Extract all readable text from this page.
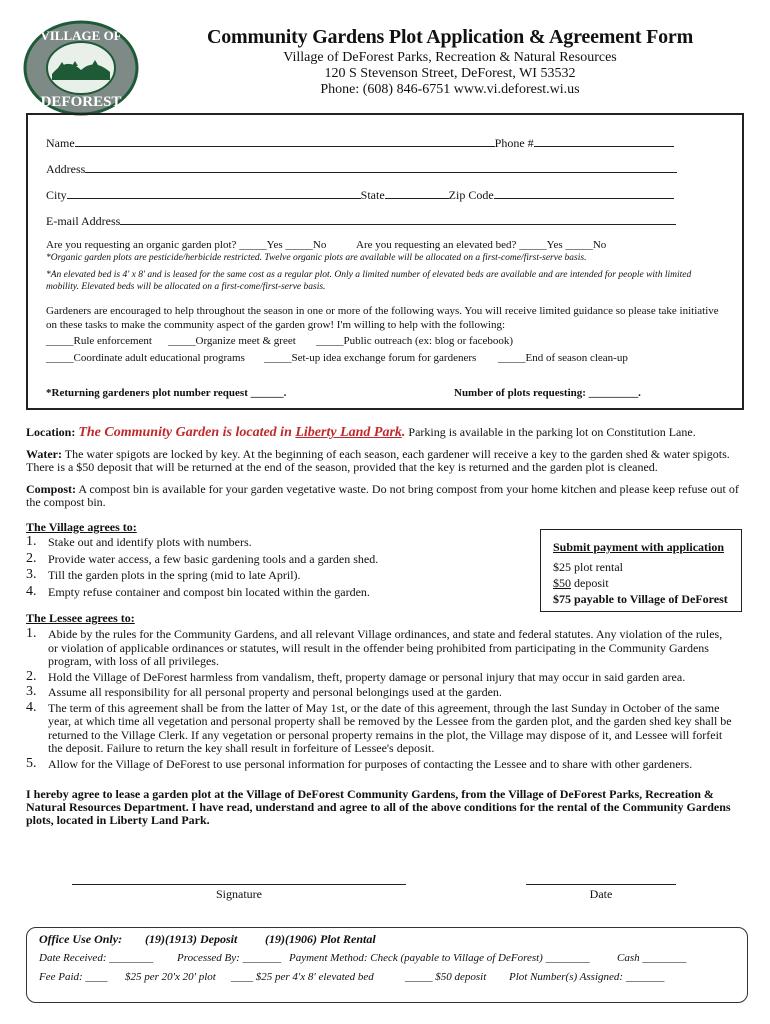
VILLAGE OF
DEFOREST
Community Gardens Plot Application & Agreement Form
Village of DeForest Parks, Recreation & Natural Resources
120 S Stevenson Street, DeForest, WI 53532
Phone: (608) 846-6751 www.vi.deforest.wi.us
Name	Phone #
Address
City	State	Zip Code
E-mail Address
Are you requesting an organic garden plot? _____Yes _____No	Are you requesting an elevated bed? _____Yes _____No
*Organic garden plots are pesticide/herbicide restricted. Twelve organic plots are available will be allocated on a first-come/first-serve basis.
*An elevated bed is 4' x 8' and is leased for the same cost as a regular plot. Only a limited number of elevated beds are available and are intended for people with limited mobility. Elevated beds will be allocated on a first-come/first-serve basis.
Gardeners are encouraged to help throughout the season in one or more of the following ways. You will receive limited guidance so please take initiative on these tasks to make the community aspect of the garden grow! I'm willing to help with the following:
_____Rule enforcement _____Organize meet & greet _____Public outreach (ex: blog or facebook)
_____Coordinate adult educational programs _____Set-up idea exchange forum for gardeners _____End of season clean-up
*Returning gardeners plot number request ______.	Number of plots requesting: _________.
Location: The Community Garden is located in Liberty Land Park. Parking is available in the parking lot on Constitution Lane.
Water: The water spigots are locked by key. At the beginning of each season, each gardener will receive a key to the garden shed & water spigots. There is a $50 deposit that will be returned at the end of the season, provided that the key is returned and the garden plot is cleaned.
Compost: A compost bin is available for your garden vegetative waste. Do not bring compost from your home kitchen and please keep refuse out of the compost bin.
The Village agrees to:
1. Stake out and identify plots with numbers.
2. Provide water access, a few basic gardening tools and a garden shed.
3. Till the garden plots in the spring (mid to late April).
4. Empty refuse container and compost bin located within the garden.
Submit payment with application
$25 plot rental
$50 deposit
$75 payable to Village of DeForest
The Lessee agrees to:
1. Abide by the rules for the Community Gardens, and all relevant Village ordinances, and state and federal statutes. Any violation of the rules, or violation of applicable ordinances or statutes, will result in the offender being prohibited from participating in the Community Gardens program, with loss of all privileges.
2. Hold the Village of DeForest harmless from vandalism, theft, property damage or personal injury that may occur in said garden area.
3. Assume all responsibility for all personal property and personal belongings used at the garden.
4. The term of this agreement shall be from the latter of May 1st, or the date of this agreement, through the last Sunday in October of the same year, at which time all vegetation and personal property shall be removed by the Lessee from the garden plot, and the garden shed key shall be returned to the Village Clerk. If any vegetation or personal property remains in the plot, the Village may dispose of it, and Lessee will forfeit the deposit. Failure to return the key shall result in forfeiture of Lessee's deposit.
5. Allow for the Village of DeForest to use personal information for purposes of contacting the Lessee and to share with other gardeners.
I hereby agree to lease a garden plot at the Village of DeForest Community Gardens, from the Village of DeForest Parks, Recreation & Natural Resources Department. I have read, understand and agree to all of the above conditions for the rental of the Community Gardens plots, located in Liberty Land Park.
Signature	Date
Office Use Only: (19)(1913) Deposit (19)(1906) Plot Rental
Date Received: ________ Processed By: _______ Payment Method: Check (payable to Village of DeForest) ________ Cash ________
Fee Paid: ____ $25 per 20'x 20' plot ____ $25 per 4'x 8' elevated bed	_____ $50 deposit Plot Number(s) Assigned: _______
